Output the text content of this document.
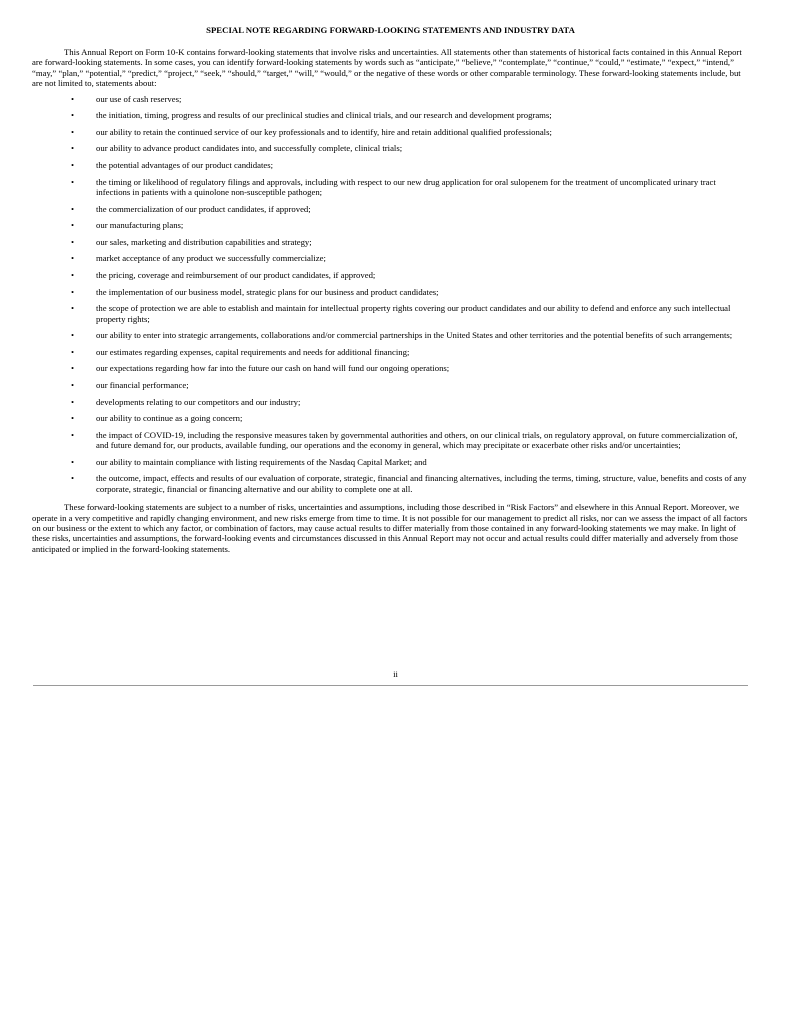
SPECIAL NOTE REGARDING FORWARD-LOOKING STATEMENTS AND INDUSTRY DATA

This Annual Report on Form 10-K contains forward-looking statements that involve risks and uncertainties. All statements other than statements of historical facts contained in this Annual Report are forward-looking statements. In some cases, you can identify forward-looking statements by words such as “anticipate,” “believe,” “contemplate,” “continue,” “could,” “estimate,” “expect,” “intend,” “may,” “plan,” “potential,” “predict,” “project,” “seek,” “should,” “target,” “will,” “would,” or the negative of these words or other comparable terminology. These forward-looking statements include, but are not limited to, statements about:

•	our use of cash reserves;
•	the initiation, timing, progress and results of our preclinical studies and clinical trials, and our research and development programs;
•	our ability to retain the continued service of our key professionals and to identify, hire and retain additional qualified professionals;
•	our ability to advance product candidates into, and successfully complete, clinical trials;
•	the potential advantages of our product candidates;
•	the timing or likelihood of regulatory filings and approvals, including with respect to our new drug application for oral sulopenem for the treatment of uncomplicated urinary tract infections in patients with a quinolone non-susceptible pathogen;
•	the commercialization of our product candidates, if approved;
•	our manufacturing plans;
•	our sales, marketing and distribution capabilities and strategy;
•	market acceptance of any product we successfully commercialize;
•	the pricing, coverage and reimbursement of our product candidates, if approved;
•	the implementation of our business model, strategic plans for our business and product candidates;
•	the scope of protection we are able to establish and maintain for intellectual property rights covering our product candidates and our ability to defend and enforce any such intellectual property rights;
•	our ability to enter into strategic arrangements, collaborations and/or commercial partnerships in the United States and other territories and the potential benefits of such arrangements;
•	our estimates regarding expenses, capital requirements and needs for additional financing;
•	our expectations regarding how far into the future our cash on hand will fund our ongoing operations;
•	our financial performance;
•	developments relating to our competitors and our industry;
•	our ability to continue as a going concern;
•	the impact of COVID-19, including the responsive measures taken by governmental authorities and others, on our clinical trials, on regulatory approval, on future commercialization of, and future demand for, our products, available funding, our operations and the economy in general, which may precipitate or exacerbate other risks and/or uncertainties;
•	our ability to maintain compliance with listing requirements of the Nasdaq Capital Market; and
•	the outcome, impact, effects and results of our evaluation of corporate, strategic, financial and financing alternatives, including the terms, timing, structure, value, benefits and costs of any corporate, strategic, financial or financing alternative and our ability to complete one at all.

These forward-looking statements are subject to a number of risks, uncertainties and assumptions, including those described in “Risk Factors” and elsewhere in this Annual Report. Moreover, we operate in a very competitive and rapidly changing environment, and new risks emerge from time to time. It is not possible for our management to predict all risks, nor can we assess the impact of all factors on our business or the extent to which any factor, or combination of factors, may cause actual results to differ materially from those contained in any forward-looking statements we may make. In light of these risks, uncertainties and assumptions, the forward-looking events and circumstances discussed in this Annual Report may not occur and actual results could differ materially and adversely from those anticipated or implied in the forward-looking statements.

ii
